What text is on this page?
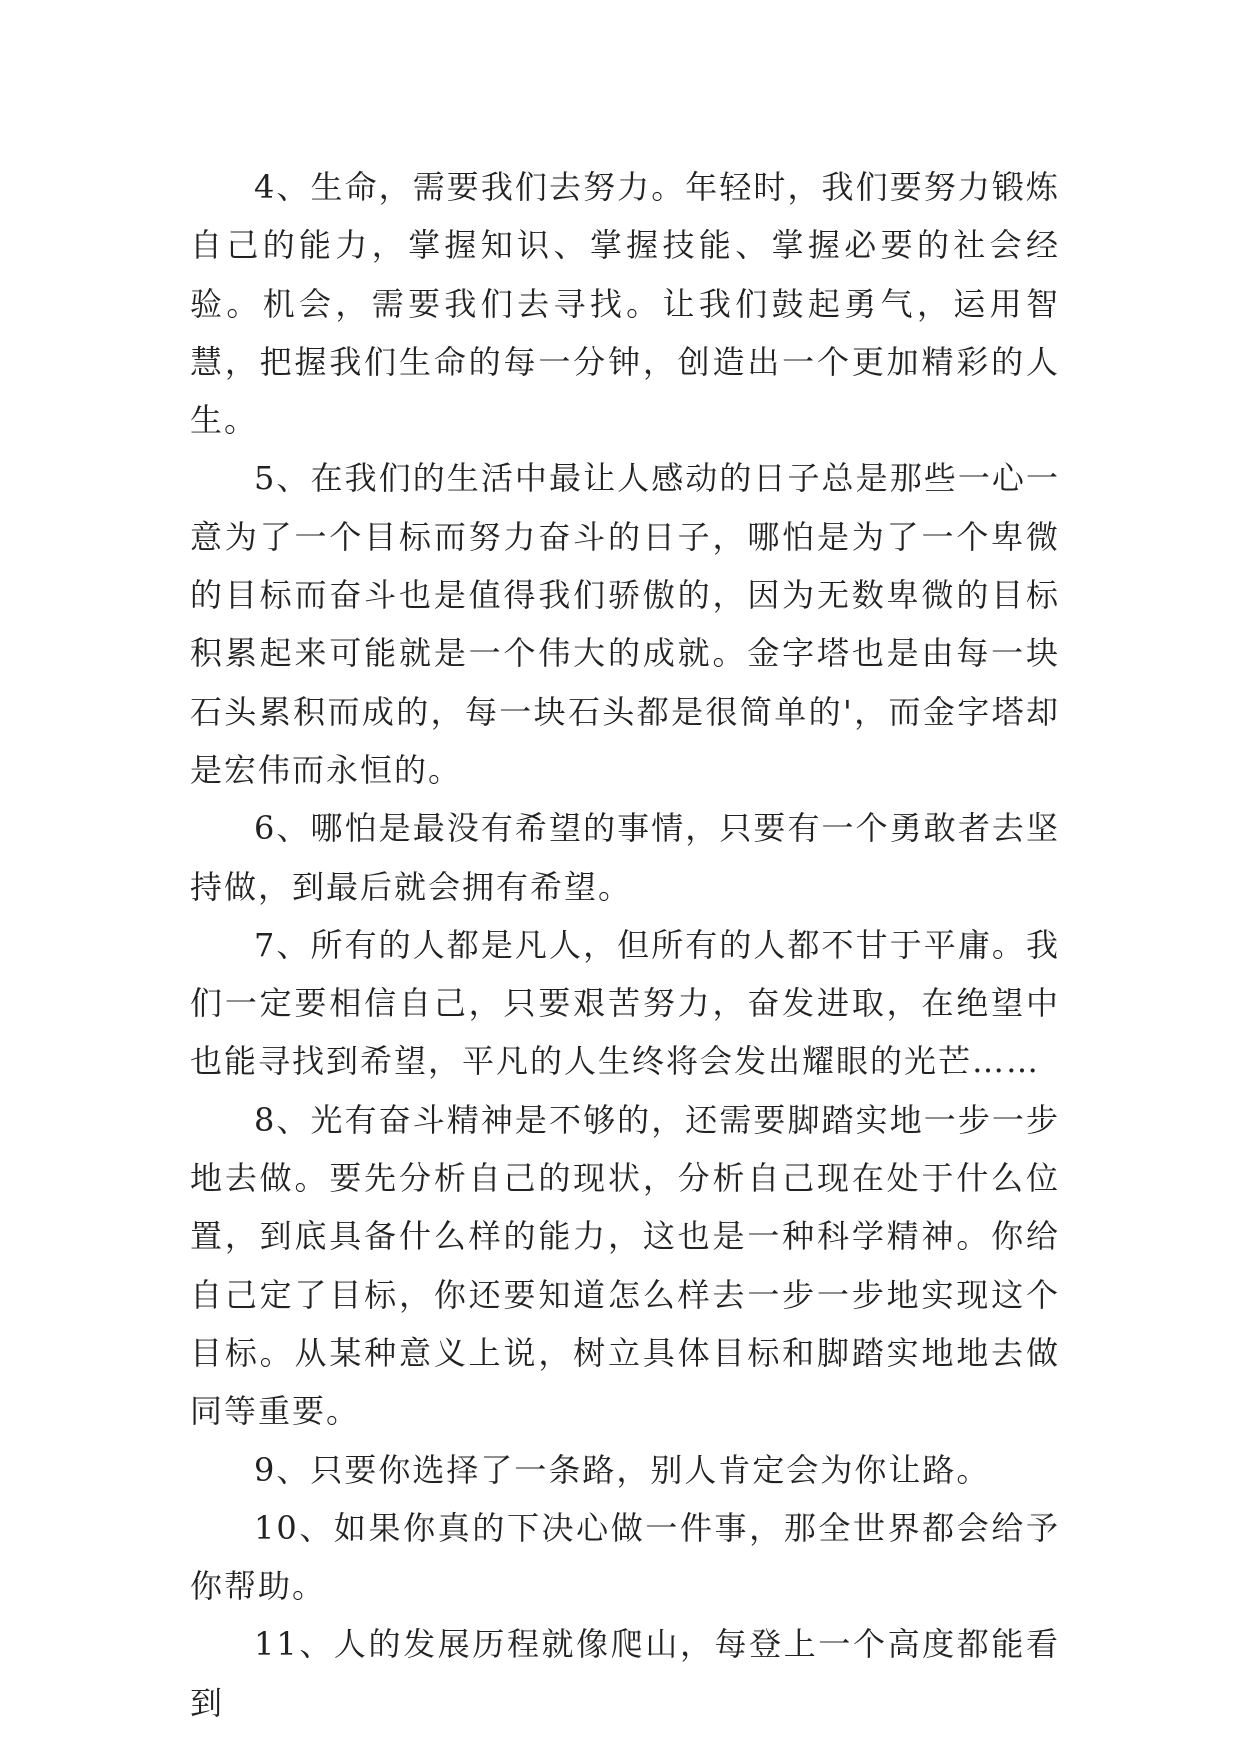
4、生命，需要我们去努力。年轻时，我们要努力锻炼自己的能力，掌握知识、掌握技能、掌握必要的社会经验。机会，需要我们去寻找。让我们鼓起勇气，运用智慧，把握我们生命的每一分钟，创造出一个更加精彩的人生。

5、在我们的生活中最让人感动的日子总是那些一心一意为了一个目标而努力奋斗的日子，哪怕是为了一个卑微的目标而奋斗也是值得我们骄傲的，因为无数卑微的目标积累起来可能就是一个伟大的成就。金字塔也是由每一块石头累积而成的，每一块石头都是很简单的'，而金字塔却是宏伟而永恒的。

6、哪怕是最没有希望的事情，只要有一个勇敢者去坚持做，到最后就会拥有希望。

7、所有的人都是凡人，但所有的人都不甘于平庸。我们一定要相信自己，只要艰苦努力，奋发进取，在绝望中也能寻找到希望，平凡的人生终将会发出耀眼的光芒……

8、光有奋斗精神是不够的，还需要脚踏实地一步一步地去做。要先分析自己的现状，分析自己现在处于什么位置，到底具备什么样的能力，这也是一种科学精神。你给自己定了目标，你还要知道怎么样去一步一步地实现这个目标。从某种意义上说，树立具体目标和脚踏实地地去做同等重要。

9、只要你选择了一条路，别人肯定会为你让路。

10、如果你真的下决心做一件事，那全世界都会给予你帮助。

11、人的发展历程就像爬山，每登上一个高度都能看到
